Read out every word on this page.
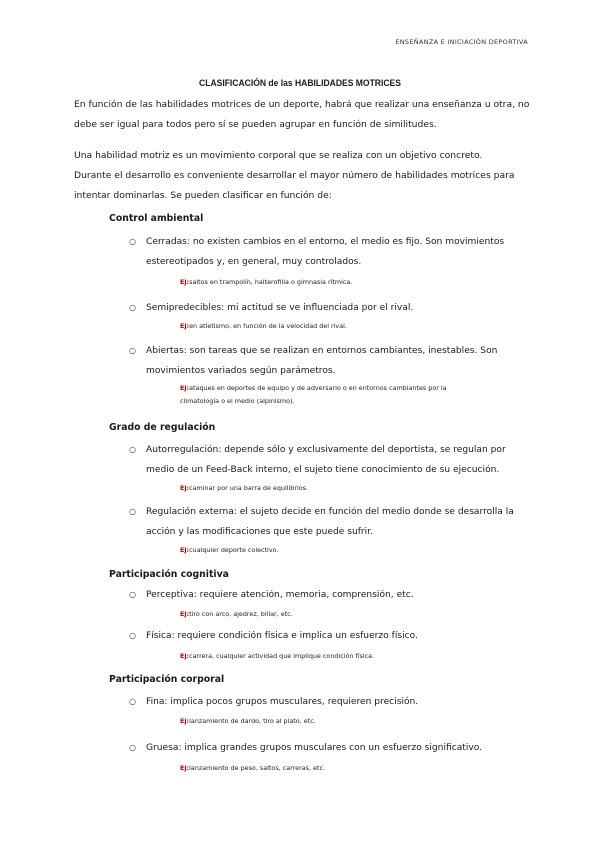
ENSEÑANZA E INICIACIÓN DEPORTIVA
CLASIFICACIÓN de las HABILIDADES MOTRICES
En función de las habilidades motrices de un deporte, habrá que realizar una enseñanza u otra, no
debe ser igual para todos pero sí se pueden agrupar en función de similitudes.
Una habilidad motriz es un movimiento corporal que se realiza con un objetivo concreto.
Durante el desarrollo es conveniente desarrollar el mayor número de habilidades motrices para
intentar dominarlas. Se pueden clasificar en función de:
Control ambiental
○ Cerradas: no existen cambios en el entorno, el medio es fijo. Son movimientos
estereotipados y, en general, muy controlados.
Ej:saltos en trampolín, halterofilia o gimnasia rítmica.
○ Semipredecibles: mi actitud se ve influenciada por el rival.
Ej:en atletismo, en función de la velocidad del rival.
○ Abiertas: son tareas que se realizan en entornos cambiantes, inestables. Son
movimientos variados según parámetros.
Ej:ataques en deportes de equipo y de adversario o en entornos cambiantes por la
climatología o el medio (alpinismo).
Grado de regulación
○ Autorregulación: depende sólo y exclusivamente del deportista, se regulan por
medio de un Feed-Back interno, el sujeto tiene conocimiento de su ejecución.
Ej:caminar por una barra de equilibrios.
○ Regulación externa: el sujeto decide en función del medio donde se desarrolla la
acción y las modificaciones que este puede sufrir.
Ej:cualquier deporte colectivo.
Participación cognitiva
○ Perceptiva: requiere atención, memoria, comprensión, etc.
Ej:tiro con arco, ajedrez, billar, etc.
○ Física: requiere condición física e implica un esfuerzo físico.
Ej:carrera, cualquier actividad que implique condición física.
Participación corporal
○ Fina: implica pocos grupos musculares, requieren precisión.
Ej:lanzamiento de dardo, tiro al plato, etc.
○ Gruesa: implica grandes grupos musculares con un esfuerzo significativo.
Ej:lanzamiento de peso, saltos, carreras, etc.
